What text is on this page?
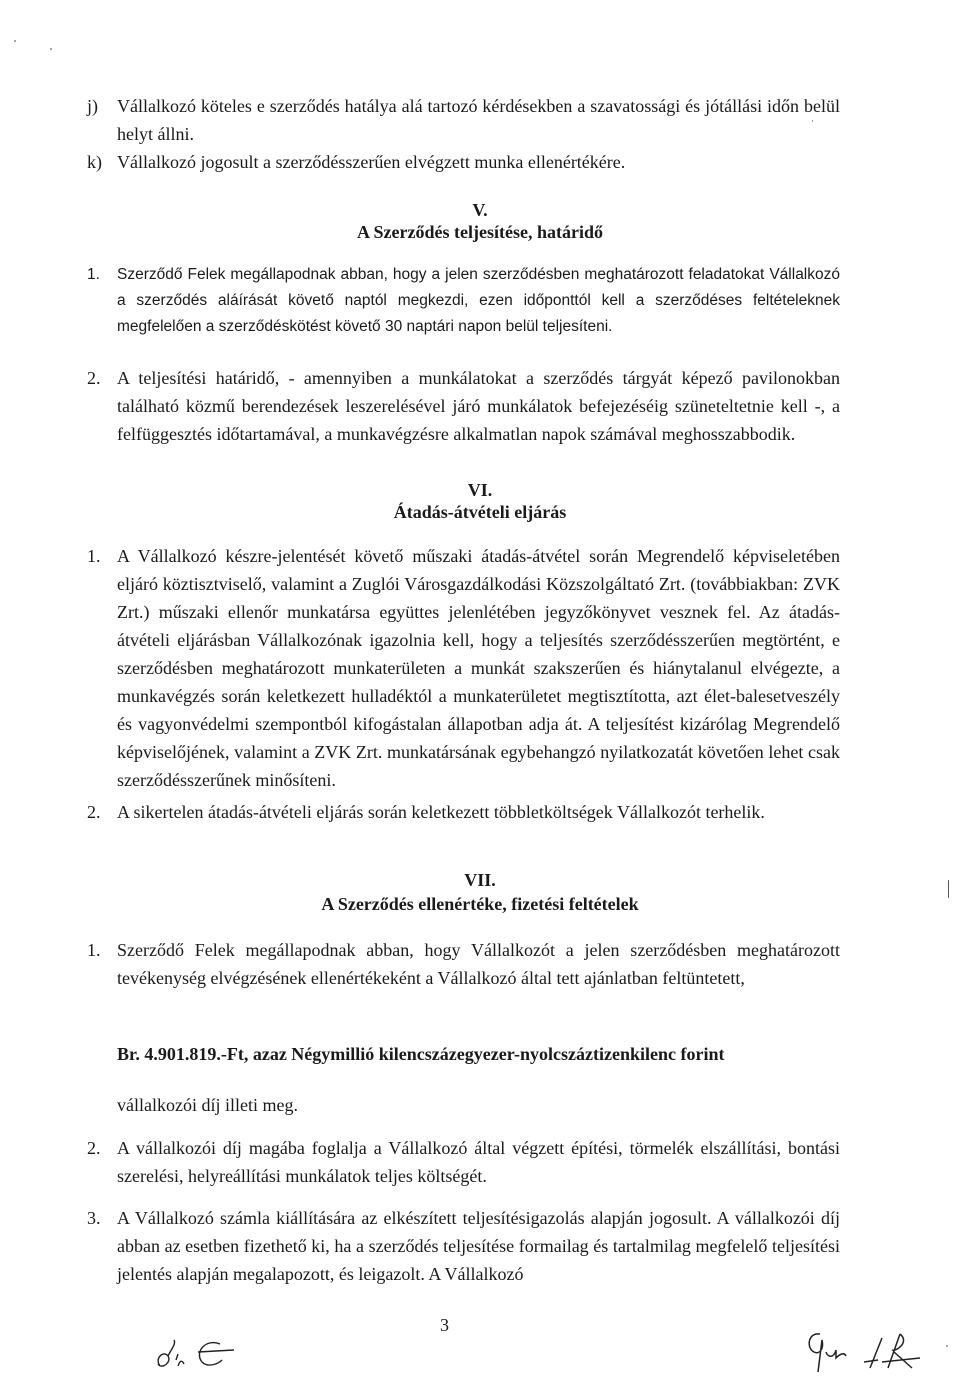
j) Vállalkozó köteles e szerződés hatálya alá tartozó kérdésekben a szavatossági és jótállási időn belül helyt állni.
k) Vállalkozó jogosult a szerződésszerűen elvégzett munka ellenértékére.
V.
A Szerződés teljesítése, határidő
1. Szerződő Felek megállapodnak abban, hogy a jelen szerződésben meghatározott feladatokat Vállalkozó a szerződés aláírását követő naptól megkezdi, ezen időponttól kell a szerződéses feltételeknek megfelelően a szerződéskötést követő 30 naptári napon belül teljesíteni.
2. A teljesítési határidő, - amennyiben a munkálatokat a szerződés tárgyát képező pavilonokban található közmű berendezések leszerelésével járó munkálatok befejezéséig szüneteltetnie kell -, a felfüggesztés időtartamával, a munkavégzésre alkalmatlan napok számával meghosszabbodik.
VI.
Átadás-átvételi eljárás
1. A Vállalkozó készre-jelentését követő műszaki átadás-átvétel során Megrendelő képviseletében eljáró köztisztviselő, valamint a Zuglói Városgazdálkodási Közszolgáltató Zrt. (továbbiakban: ZVK Zrt.) műszaki ellenőr munkatársa együttes jelenlétében jegyzőkönyvet vesznek fel. Az átadás-átvételi eljárásban Vállalkozónak igazolnia kell, hogy a teljesítés szerződésszerűen megtörtént, e szerződésben meghatározott munkaterületen a munkát szakszerűen és hiánytalanul elvégezte, a munkavégzés során keletkezett hulladéktól a munkaterületet megtisztította, azt élet-balesetveszély és vagyonvédelmi szempontból kifogástalan állapotban adja át. A teljesítést kizárólag Megrendelő képviselőjének, valamint a ZVK Zrt. munkatársának egybehangzó nyilatkozatát követően lehet csak szerződésszerűnek minősíteni.
2. A sikertelen átadás-átvételi eljárás során keletkezett többletköltségek Vállalkozót terhelik.
VII.
A Szerződés ellenértéke, fizetési feltételek
1. Szerződő Felek megállapodnak abban, hogy Vállalkozót a jelen szerződésben meghatározott tevékenység elvégzésének ellenértékeként a Vállalkozó által tett ajánlatban feltüntetett,
Br. 4.901.819.-Ft, azaz Négymillió kilencszázegyezer-nyolcszáztizenkilenc forint
vállalkozói díj illeti meg.
2. A vállalkozói díj magába foglalja a Vállalkozó által végzett építési, törmelék elszállítási, bontási szerelési, helyreállítási munkálatok teljes költségét.
3. A Vállalkozó számla kiállítására az elkészített teljesítésigazolás alapján jogosult. A vállalkozói díj abban az esetben fizethető ki, ha a szerződés teljesítése formailag és tartalmilag megfelelő teljesítési jelentés alapján megalapozott, és leigazolt. A Vállalkozó
3
